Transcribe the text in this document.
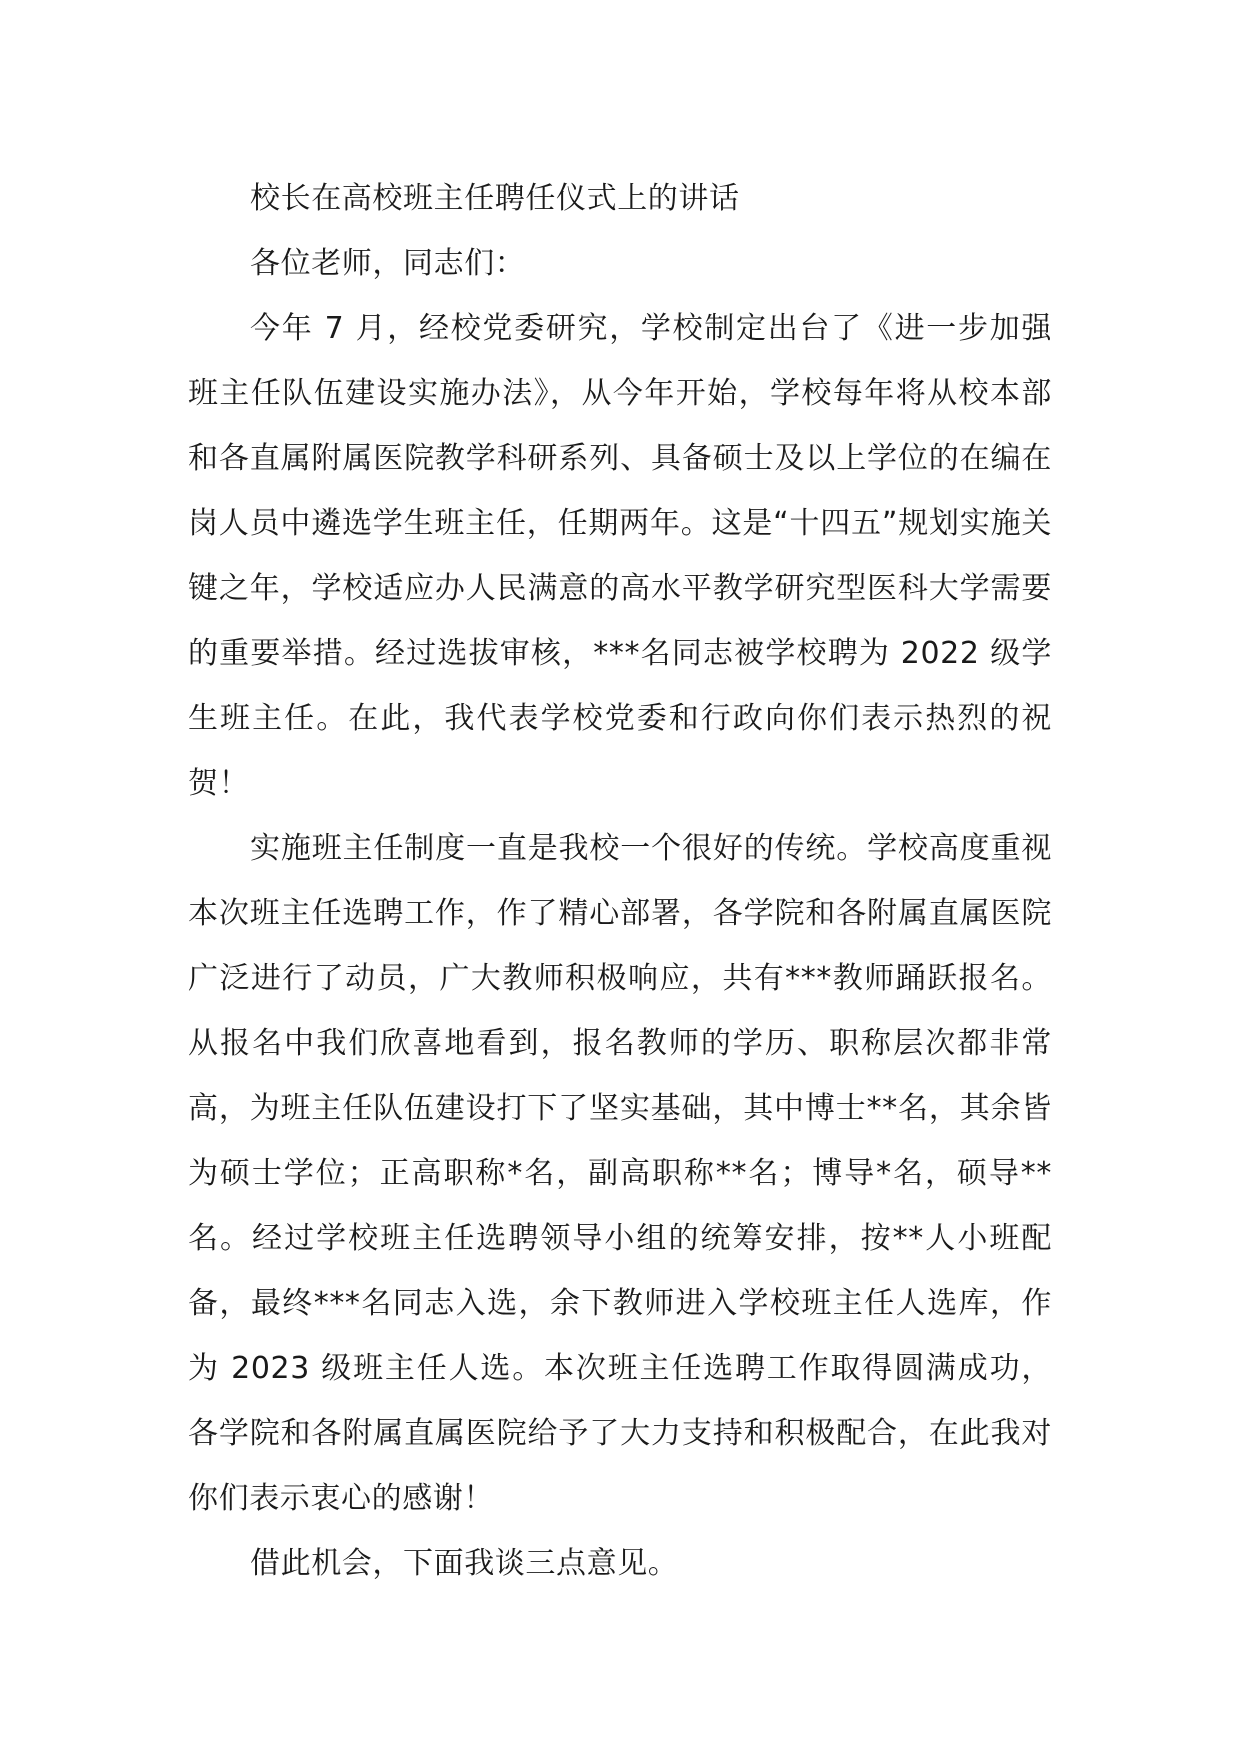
校长在高校班主任聘任仪式上的讲话

各位老师，同志们：

今年 7 月，经校党委研究，学校制定出台了《进一步加强班主任队伍建设实施办法》，从今年开始，学校每年将从校本部和各直属附属医院教学科研系列、具备硕士及以上学位的在编在岗人员中遴选学生班主任，任期两年。这是“十四五”规划实施关键之年，学校适应办人民满意的高水平教学研究型医科大学需要的重要举措。经过选拔审核，***名同志被学校聘为 2022 级学生班主任。在此，我代表学校党委和行政向你们表示热烈的祝贺！

实施班主任制度一直是我校一个很好的传统。学校高度重视本次班主任选聘工作，作了精心部署，各学院和各附属直属医院广泛进行了动员，广大教师积极响应，共有***教师踊跃报名。从报名中我们欣喜地看到，报名教师的学历、职称层次都非常高，为班主任队伍建设打下了坚实基础，其中博士**名，其余皆为硕士学位；正高职称*名，副高职称**名；博导*名，硕导**名。经过学校班主任选聘领导小组的统筹安排，按**人小班配备，最终***名同志入选，余下教师进入学校班主任人选库，作为 2023 级班主任人选。本次班主任选聘工作取得圆满成功，各学院和各附属直属医院给予了大力支持和积极配合，在此我对你们表示衷心的感谢！

借此机会，下面我谈三点意见。
